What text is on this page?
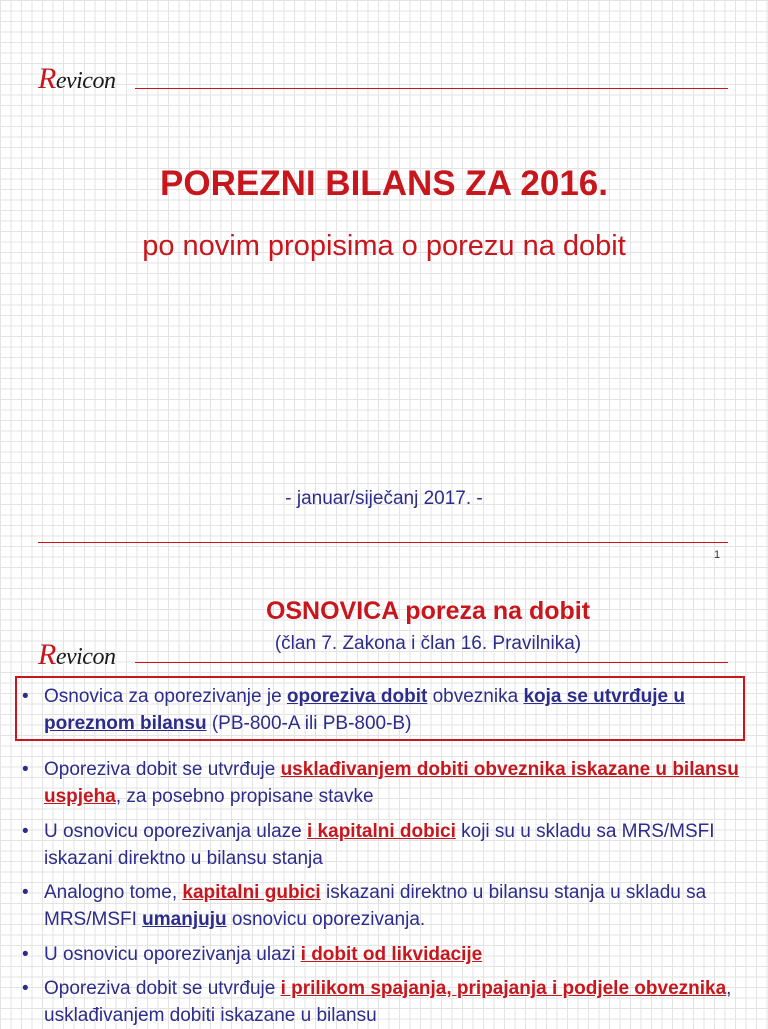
Revicon
POREZNI BILANS ZA 2016.
po novim propisima o porezu na dobit
- januar/siječanj 2017. -
1
OSNOVICA poreza na dobit
(član 7. Zakona i član 16. Pravilnika)
Revicon
• Osnovica za oporezivanje je oporeziva dobit obveznika koja se utvrđuje u poreznom bilansu (PB-800-A ili PB-800-B)
• Oporeziva dobit se utvrđuje usklađivanjem dobiti obveznika iskazane u bilansu uspjeha, za posebno propisane stavke
• U osnovicu oporezivanja ulaze i kapitalni dobici koji su u skladu sa MRS/MSFI iskazani direktno u bilansu stanja
• Analogno tome, kapitalni gubici iskazani direktno u bilansu stanja u skladu sa MRS/MSFI umanjuju osnovicu oporezivanja.
• U osnovicu oporezivanja ulazi i dobit od likvidacije
• Oporeziva dobit se utvrđuje i prilikom spajanja, pripajanja i podjele obveznika, usklađivanjem dobiti iskazane u bilansu
